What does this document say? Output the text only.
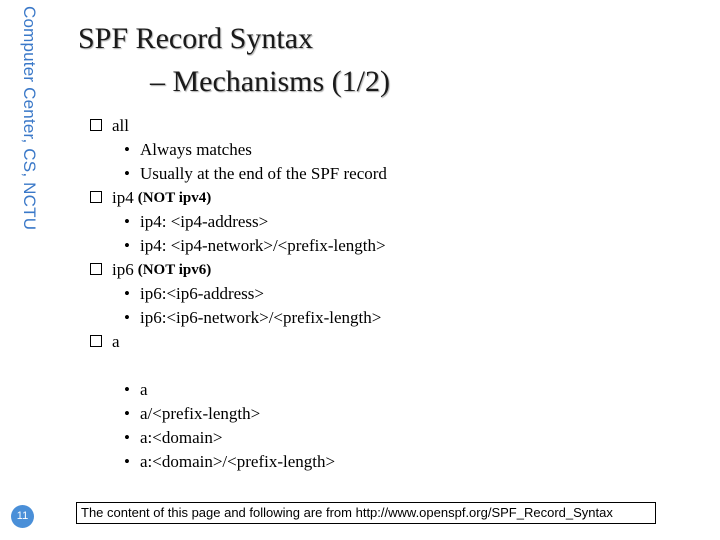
Computer Center, CS, NCTU
11
SPF Record Syntax
– Mechanisms (1/2)
all
• Always matches
• Usually at the end of the SPF record
ip4 (NOT ipv4)
• ip4: <ip4-address>
• ip4: <ip4-network>/<prefix-length>
ip6 (NOT ipv6)
• ip6:<ip6-address>
• ip6:<ip6-network>/<prefix-length>
a

• a
• a/<prefix-length>
• a:<domain>
• a:<domain>/<prefix-length>
The content of this page and following are from http://www.openspf.org/SPF_Record_Syntax
